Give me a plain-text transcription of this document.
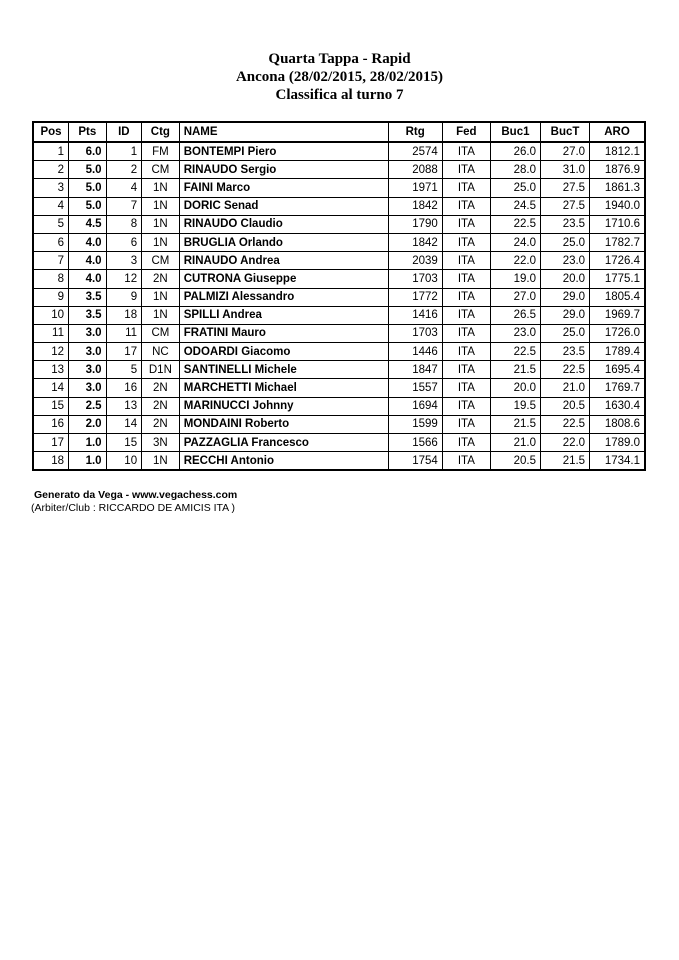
Quarta Tappa - Rapid
Ancona (28/02/2015, 28/02/2015)
Classifica al turno 7
Pos	Pts	ID	Ctg	NAME	Rtg	Fed	Buc1	BucT	ARO
1	6.0	1	FM	BONTEMPI Piero	2574	ITA	26.0	27.0	1812.1
2	5.0	2	CM	RINAUDO Sergio	2088	ITA	28.0	31.0	1876.9
3	5.0	4	1N	FAINI Marco	1971	ITA	25.0	27.5	1861.3
4	5.0	7	1N	DORIC Senad	1842	ITA	24.5	27.5	1940.0
5	4.5	8	1N	RINAUDO Claudio	1790	ITA	22.5	23.5	1710.6
6	4.0	6	1N	BRUGLIA Orlando	1842	ITA	24.0	25.0	1782.7
7	4.0	3	CM	RINAUDO Andrea	2039	ITA	22.0	23.0	1726.4
8	4.0	12	2N	CUTRONA Giuseppe	1703	ITA	19.0	20.0	1775.1
9	3.5	9	1N	PALMIZI Alessandro	1772	ITA	27.0	29.0	1805.4
10	3.5	18	1N	SPILLI Andrea	1416	ITA	26.5	29.0	1969.7
11	3.0	11	CM	FRATINI Mauro	1703	ITA	23.0	25.0	1726.0
12	3.0	17	NC	ODOARDI Giacomo	1446	ITA	22.5	23.5	1789.4
13	3.0	5	D1N	SANTINELLI Michele	1847	ITA	21.5	22.5	1695.4
14	3.0	16	2N	MARCHETTI Michael	1557	ITA	20.0	21.0	1769.7
15	2.5	13	2N	MARINUCCI Johnny	1694	ITA	19.5	20.5	1630.4
16	2.0	14	2N	MONDAINI Roberto	1599	ITA	21.5	22.5	1808.6
17	1.0	15	3N	PAZZAGLIA Francesco	1566	ITA	21.0	22.0	1789.0
18	1.0	10	1N	RECCHI Antonio	1754	ITA	20.5	21.5	1734.1
Generato da Vega - www.vegachess.com
(Arbiter/Club : RICCARDO DE AMICIS ITA )
